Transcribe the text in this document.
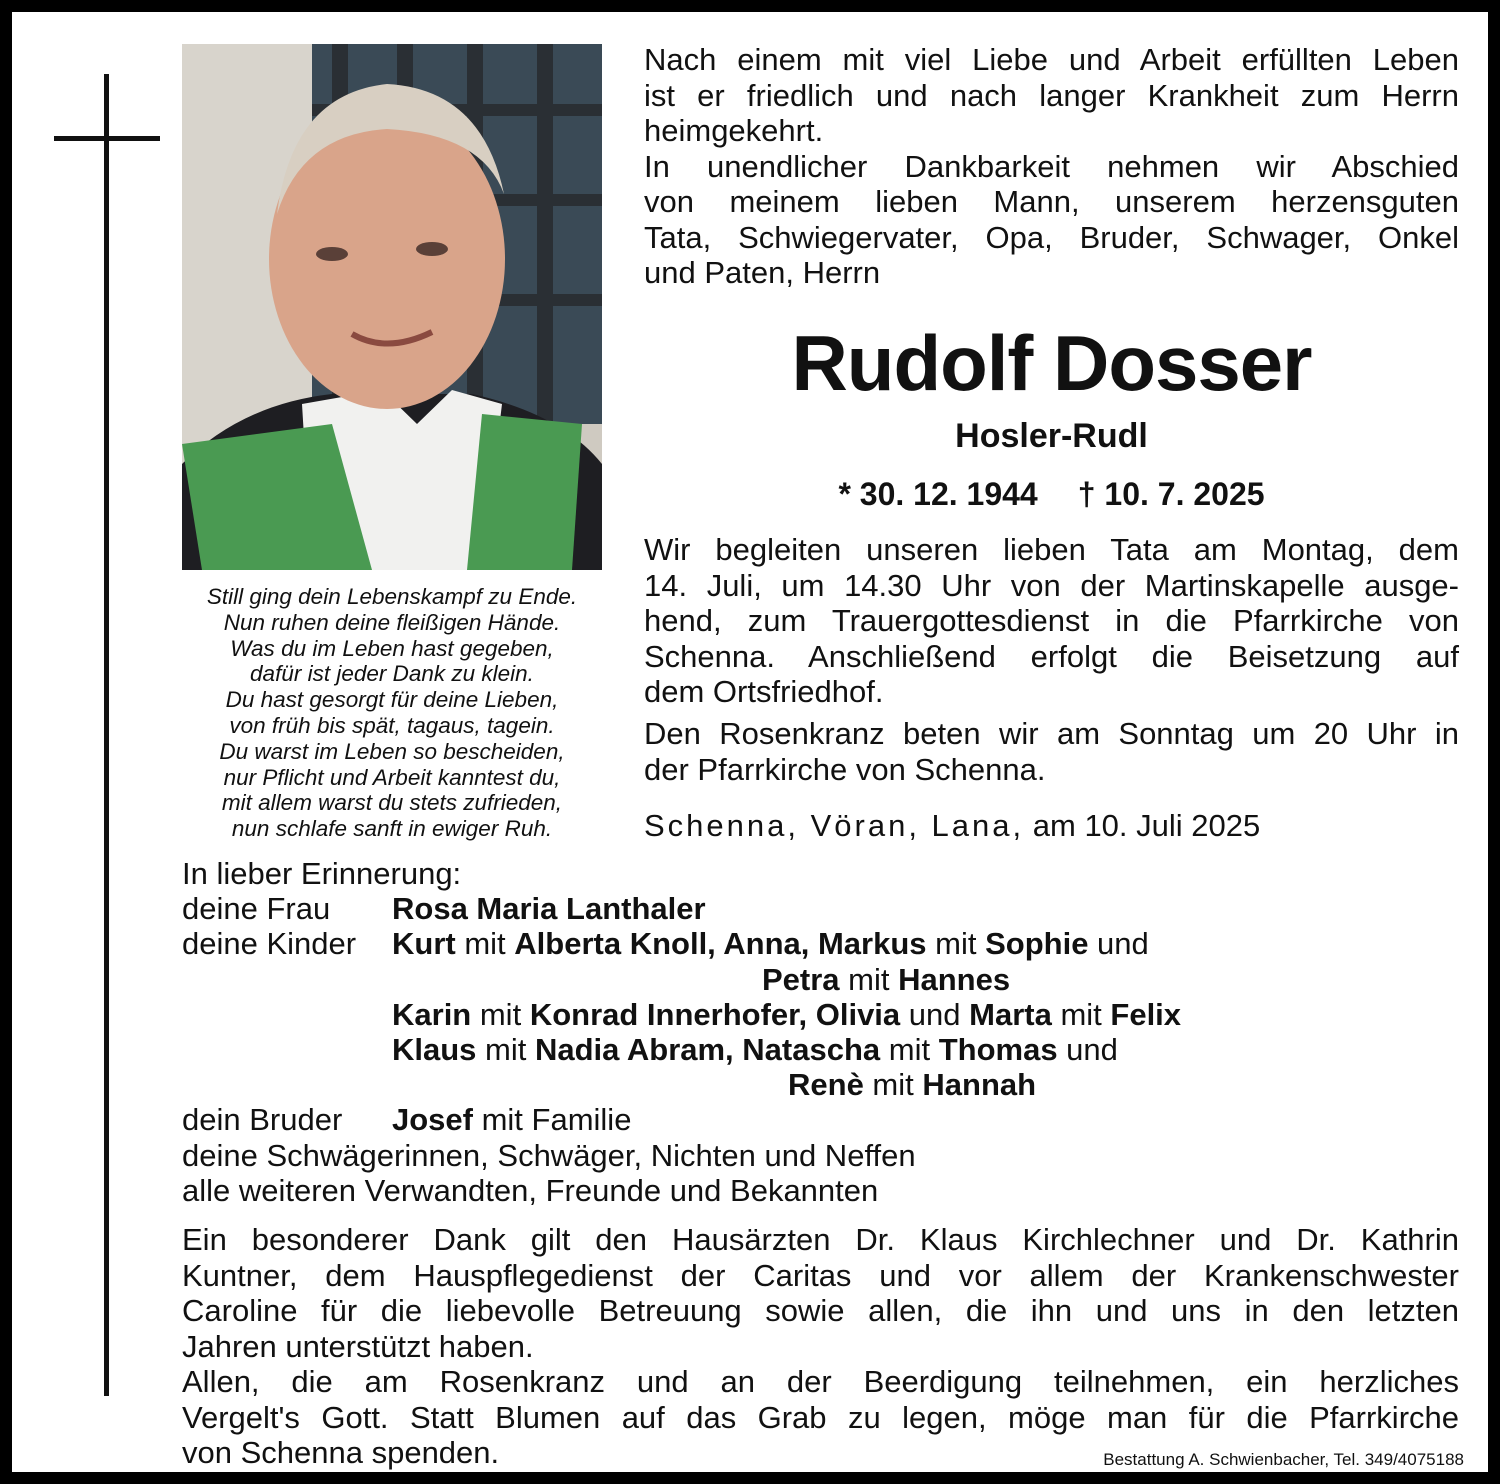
Still ging dein Lebenskampf zu Ende.
Nun ruhen deine fleißigen Hände.
Was du im Leben hast gegeben,
dafür ist jeder Dank zu klein.
Du hast gesorgt für deine Lieben,
von früh bis spät, tagaus, tagein.
Du warst im Leben so bescheiden,
nur Pflicht und Arbeit kanntest du,
mit allem warst du stets zufrieden,
nun schlafe sanft in ewiger Ruh.
Nach einem mit viel Liebe und Arbeit erfüllten Leben
ist er friedlich und nach langer Krankheit zum Herrn
heimgekehrt.
In unendlicher Dankbarkeit nehmen wir Abschied
von meinem lieben Mann, unserem herzensguten
Tata, Schwiegervater, Opa, Bruder, Schwager, Onkel
und Paten, Herrn
Rudolf Dosser
Hosler-Rudl
* 30. 12. 1944 † 10. 7. 2025
Wir begleiten unseren lieben Tata am Montag, dem
14. Juli, um 14.30 Uhr von der Martinskapelle ausge-
hend, zum Trauergottesdienst in die Pfarrkirche von
Schenna. Anschließend erfolgt die Beisetzung auf
dem Ortsfriedhof.
Den Rosenkranz beten wir am Sonntag um 20 Uhr in
der Pfarrkirche von Schenna.
Schenna, Vöran, Lana, am 10. Juli 2025
In lieber Erinnerung:
deine Frau Rosa Maria Lanthaler
deine Kinder Kurt mit Alberta Knoll, Anna, Markus mit Sophie und
Petra mit Hannes
Karin mit Konrad Innerhofer, Olivia und Marta mit Felix
Klaus mit Nadia Abram, Natascha mit Thomas und
Renè mit Hannah
dein Bruder Josef mit Familie
deine Schwägerinnen, Schwäger, Nichten und Neffen
alle weiteren Verwandten, Freunde und Bekannten
Ein besonderer Dank gilt den Hausärzten Dr. Klaus Kirchlechner und Dr. Kathrin
Kuntner, dem Hauspflegedienst der Caritas und vor allem der Krankenschwester
Caroline für die liebevolle Betreuung sowie allen, die ihn und uns in den letzten
Jahren unterstützt haben.
Allen, die am Rosenkranz und an der Beerdigung teilnehmen, ein herzliches
Vergelt's Gott. Statt Blumen auf das Grab zu legen, möge man für die Pfarrkirche
von Schenna spenden.	Bestattung A. Schwienbacher, Tel. 349/4075188
